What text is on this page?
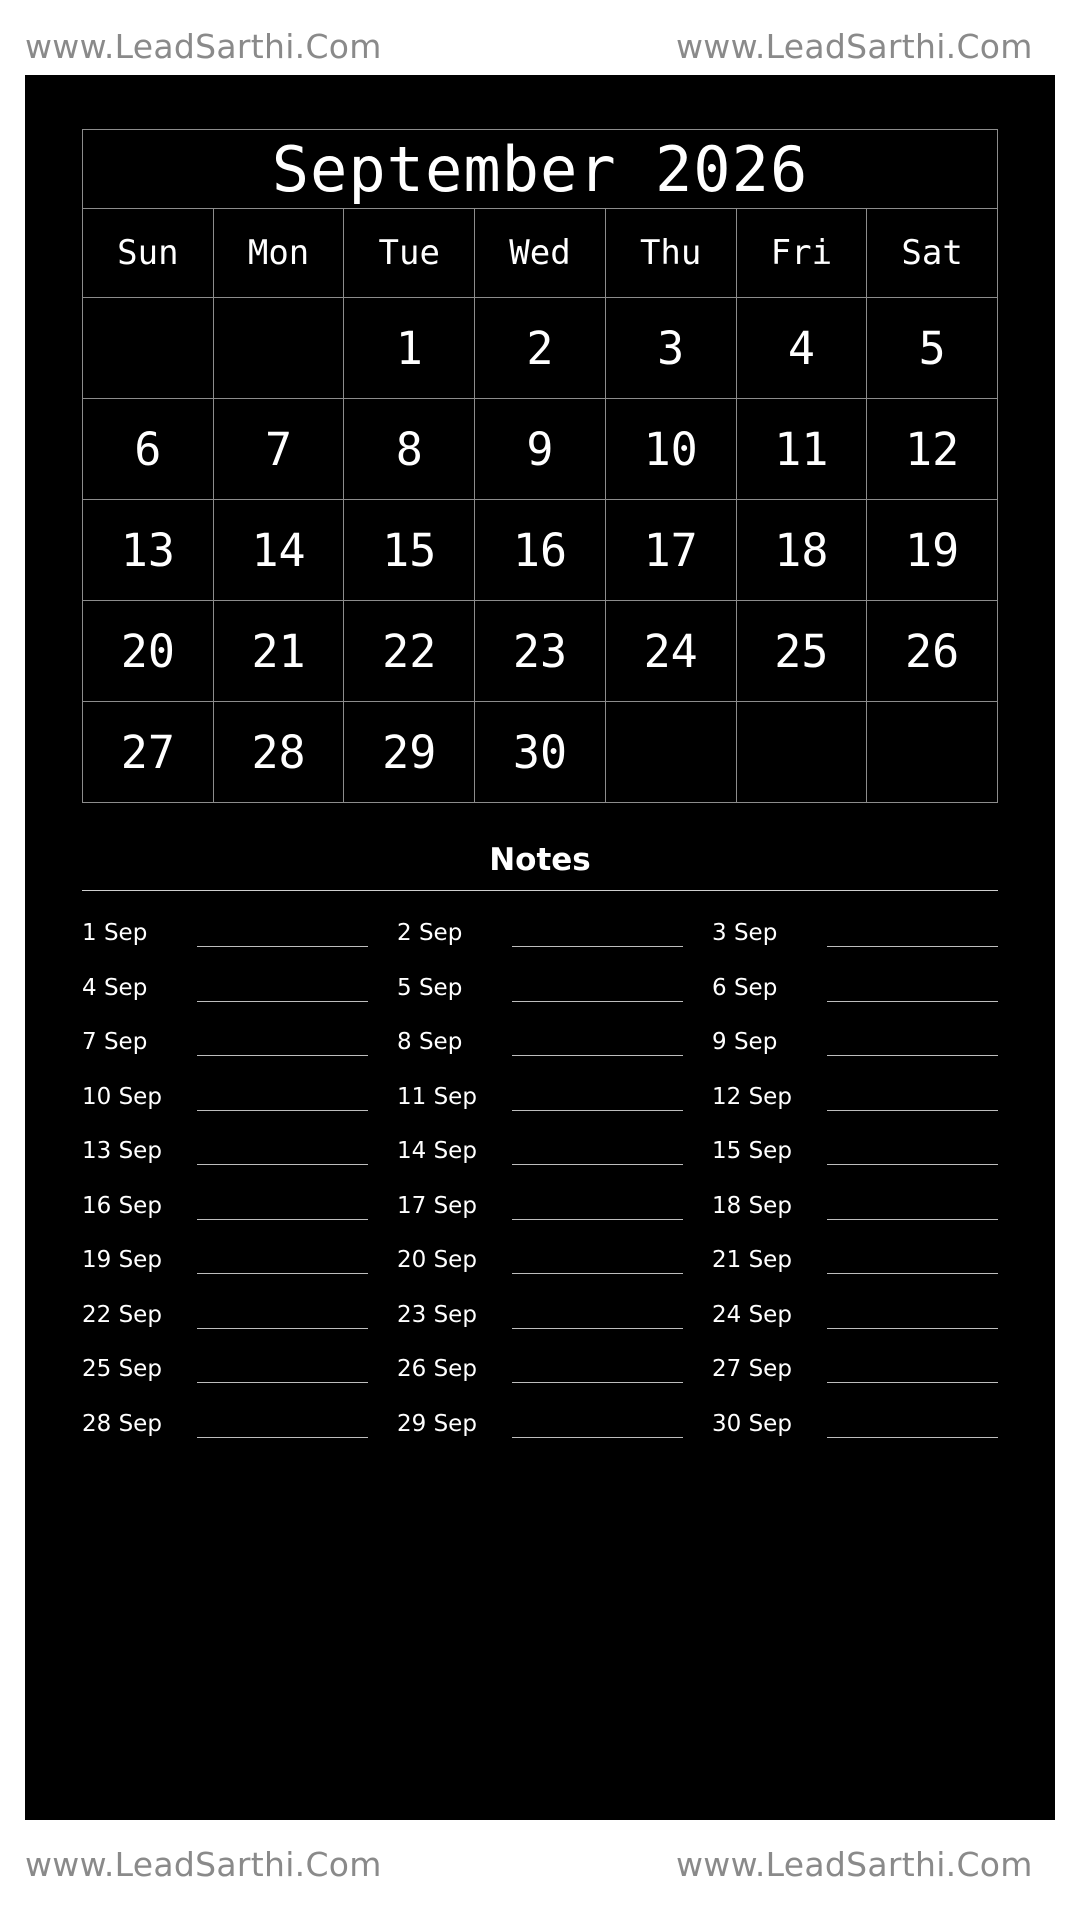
www.LeadSarthi.Com	www.LeadSarthi.Com
September 2026						
Sun	Mon	Tue	Wed	Thu	Fri	Sat
		1	2	3	4	5
6	7	8	9	10	11	12
13	14	15	16	17	18	19
20	21	22	23	24	25	26
27	28	29	30			
Notes
1 Sep	2 Sep	3 Sep
4 Sep	5 Sep	6 Sep
7 Sep	8 Sep	9 Sep
10 Sep	11 Sep	12 Sep
13 Sep	14 Sep	15 Sep
16 Sep	17 Sep	18 Sep
19 Sep	20 Sep	21 Sep
22 Sep	23 Sep	24 Sep
25 Sep	26 Sep	27 Sep
28 Sep	29 Sep	30 Sep
www.LeadSarthi.Com	www.LeadSarthi.Com
